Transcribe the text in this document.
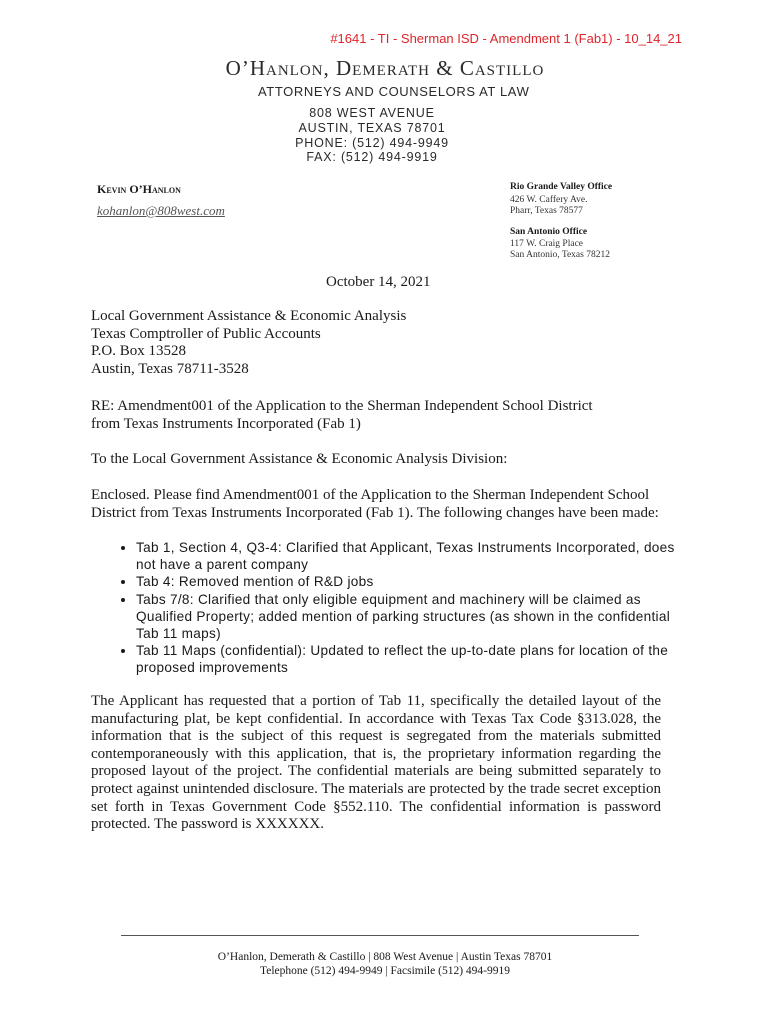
#1641 - TI - Sherman ISD - Amendment 1 (Fab1) - 10_14_21
O’Hanlon, Demerath & Castillo
ATTORNEYS AND COUNSELORS AT LAW
808 WEST AVENUE
AUSTIN, TEXAS 78701
PHONE: (512) 494-9949
FAX: (512) 494-9919
Kevin O’Hanlon
kohanlon@808west.com
Rio Grande Valley Office
426 W. Caffery Ave.
Pharr, Texas 78577
San Antonio Office
117 W. Craig Place
San Antonio, Texas 78212
October 14, 2021
Local Government Assistance & Economic Analysis
Texas Comptroller of Public Accounts
P.O. Box 13528
Austin, Texas 78711-3528
RE: Amendment001 of the Application to the Sherman Independent School District
from Texas Instruments Incorporated (Fab 1)
To the Local Government Assistance & Economic Analysis Division:
Enclosed. Please find Amendment001 of the Application to the Sherman Independent School
District from Texas Instruments Incorporated (Fab 1). The following changes have been made:
• Tab 1, Section 4, Q3-4: Clarified that Applicant, Texas Instruments Incorporated, does not have a parent company
• Tab 4: Removed mention of R&D jobs
• Tabs 7/8: Clarified that only eligible equipment and machinery will be claimed as Qualified Property; added mention of parking structures (as shown in the confidential Tab 11 maps)
• Tab 11 Maps (confidential): Updated to reflect the up-to-date plans for location of the proposed improvements
The Applicant has requested that a portion of Tab 11, specifically the detailed layout of the manufacturing plat, be kept confidential. In accordance with Texas Tax Code §313.028, the information that is the subject of this request is segregated from the materials submitted contemporaneously with this application, that is, the proprietary information regarding the proposed layout of the project. The confidential materials are being submitted separately to protect against unintended disclosure. The materials are protected by the trade secret exception set forth in Texas Government Code §552.110. The confidential information is password protected. The password is XXXXXX.
O’Hanlon, Demerath & Castillo | 808 West Avenue | Austin Texas 78701
Telephone (512) 494-9949 | Facsimile (512) 494-9919
